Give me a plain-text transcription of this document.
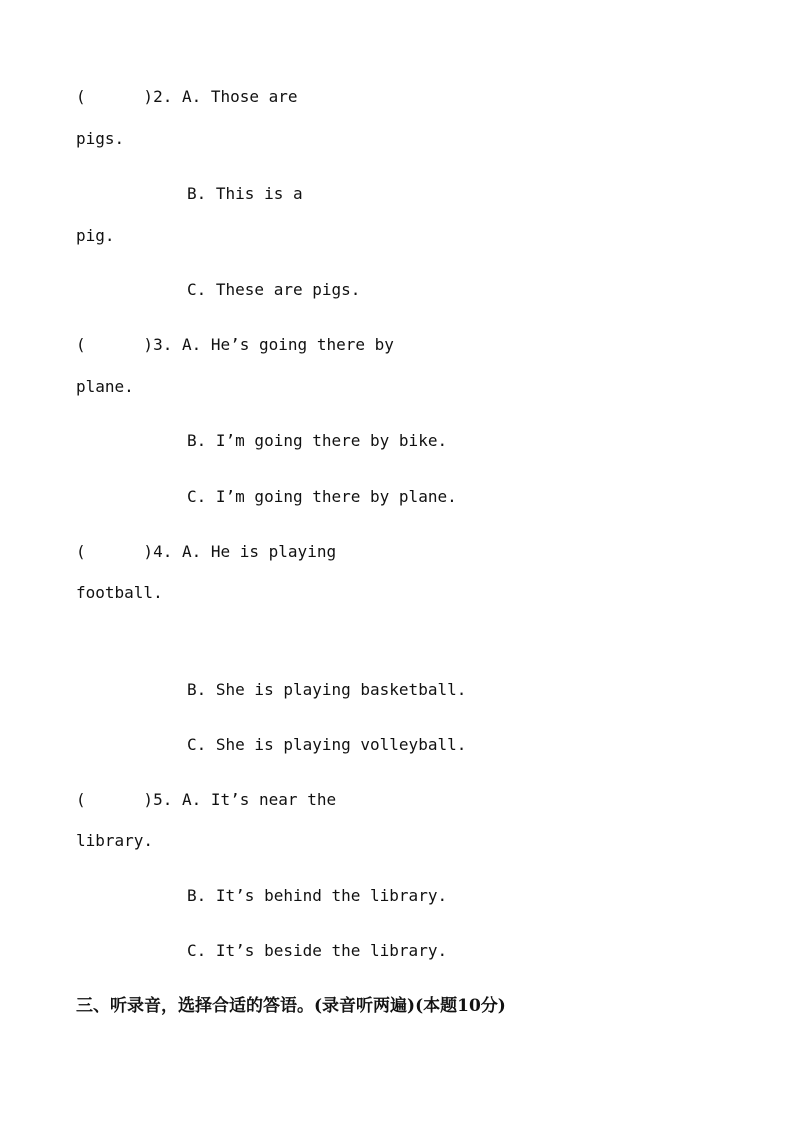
(      )2. A. Those are
pigs.
B. This is a
pig.
C. These are pigs.
(      )3. A. He’s going there by
plane.
B. I’m going there by bike.
C. I’m going there by plane.
(      )4. A. He is playing
football.
B. She is playing basketball.
C. She is playing volleyball.
(      )5. A. It’s near the
library.
B. It’s behind the library.
C. It’s beside the library.
三、听录音，选择合适的答语。(录音听两遍)(本题10分)
